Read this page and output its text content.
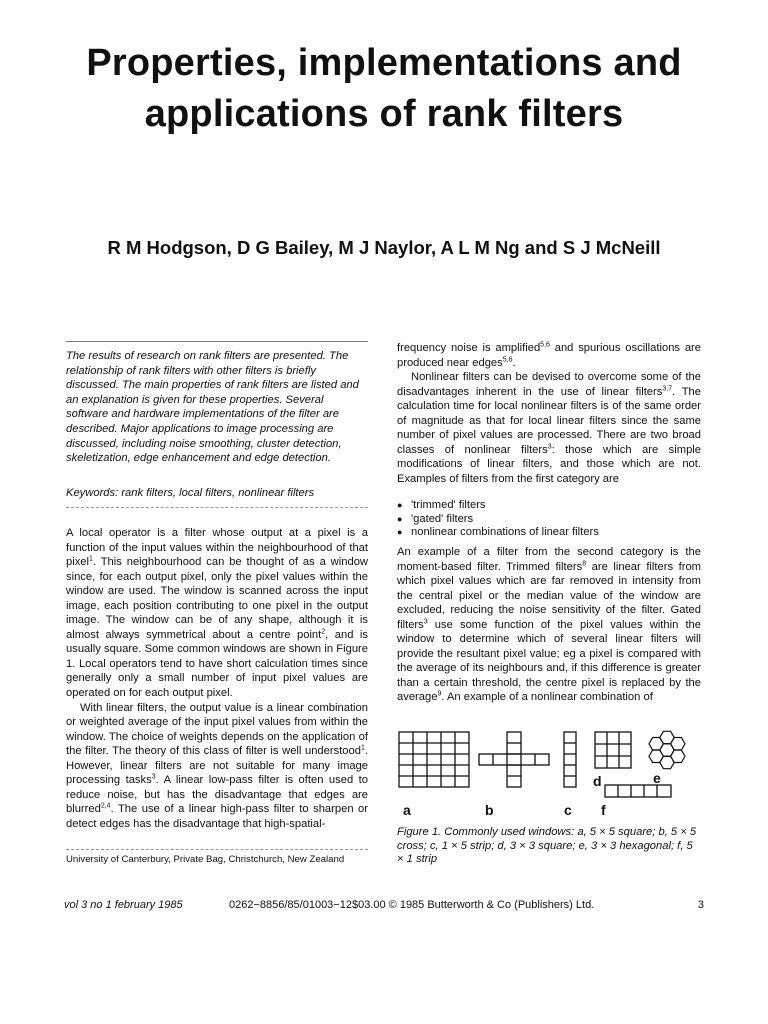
Properties, implementations and applications of rank filters
R M Hodgson, D G Bailey, M J Naylor, A L M Ng and S J McNeill

The results of research on rank filters are presented. The relationship of rank filters with other filters is briefly discussed. The main properties of rank filters are listed and an explanation is given for these properties. Several software and hardware implementations of the filter are described. Major applications to image processing are discussed, including noise smoothing, cluster detection, skeletization, edge enhancement and edge detection.

Keywords: rank filters, local filters, nonlinear filters

A local operator is a filter whose output at a pixel is a function of the input values within the neighbourhood of that pixel$^1$. This neighbourhood can be thought of as a window since, for each output pixel, only the pixel values within the window are used. The window is scanned across the input image, each position contributing to one pixel in the output image. The window can be of any shape, although it is almost always symmetrical about a centre point$^2$, and is usually square. Some common windows are shown in Figure 1. Local operators tend to have short calculation times since generally only a small number of input pixel values are operated on for each output pixel.

With linear filters, the output value is a linear combination or weighted average of the input pixel values from within the window. The choice of weights depends on the application of the filter. The theory of this class of filter is well understood$^1$. However, linear filters are not suitable for many image processing tasks$^3$. A linear low-pass filter is often used to reduce noise, but has the disadvantage that edges are blurred$^{2,4}$. The use of a linear high-pass filter to sharpen or detect edges has the disadvantage that high-spatial-

University of Canterbury, Private Bag, Christchurch, New Zealand

frequency noise is amplified$^{5,6}$ and spurious oscillations are produced near edges$^{5,6}$.

Nonlinear filters can be devised to overcome some of the disadvantages inherent in the use of linear filters$^{3,7}$. The calculation time for local nonlinear filters is of the same order of magnitude as that for local linear filters since the same number of pixel values are processed. There are two broad classes of nonlinear filters$^3$: those which are simple modifications of linear filters, and those which are not. Examples of filters from the first category are

● 'trimmed' filters
● 'gated' filters
● nonlinear combinations of linear filters

An example of a filter from the second category is the moment-based filter. Trimmed filters$^8$ are linear filters from which pixel values which are far removed in intensity from the central pixel or the median value of the window are excluded, reducing the noise sensitivity of the filter. Gated filters$^3$ use some function of the pixel values within the window to determine which of several linear filters will provide the resultant pixel value; eg a pixel is compared with the average of its neighbours and, if this difference is greater than a certain threshold, the centre pixel is replaced by the average$^9$. An example of a nonlinear combination of

a	b	c
d	e
f

Figure 1. Commonly used windows: a, 5 × 5 square; b, 5 × 5 cross; c, 1 × 5 strip; d, 3 × 3 square; e, 3 × 3 hexagonal; f, 5 × 1 strip

vol 3 no 1 february 1985	0262−8856/85/01003−12$03.00 © 1985 Butterworth & Co (Publishers) Ltd.	3
